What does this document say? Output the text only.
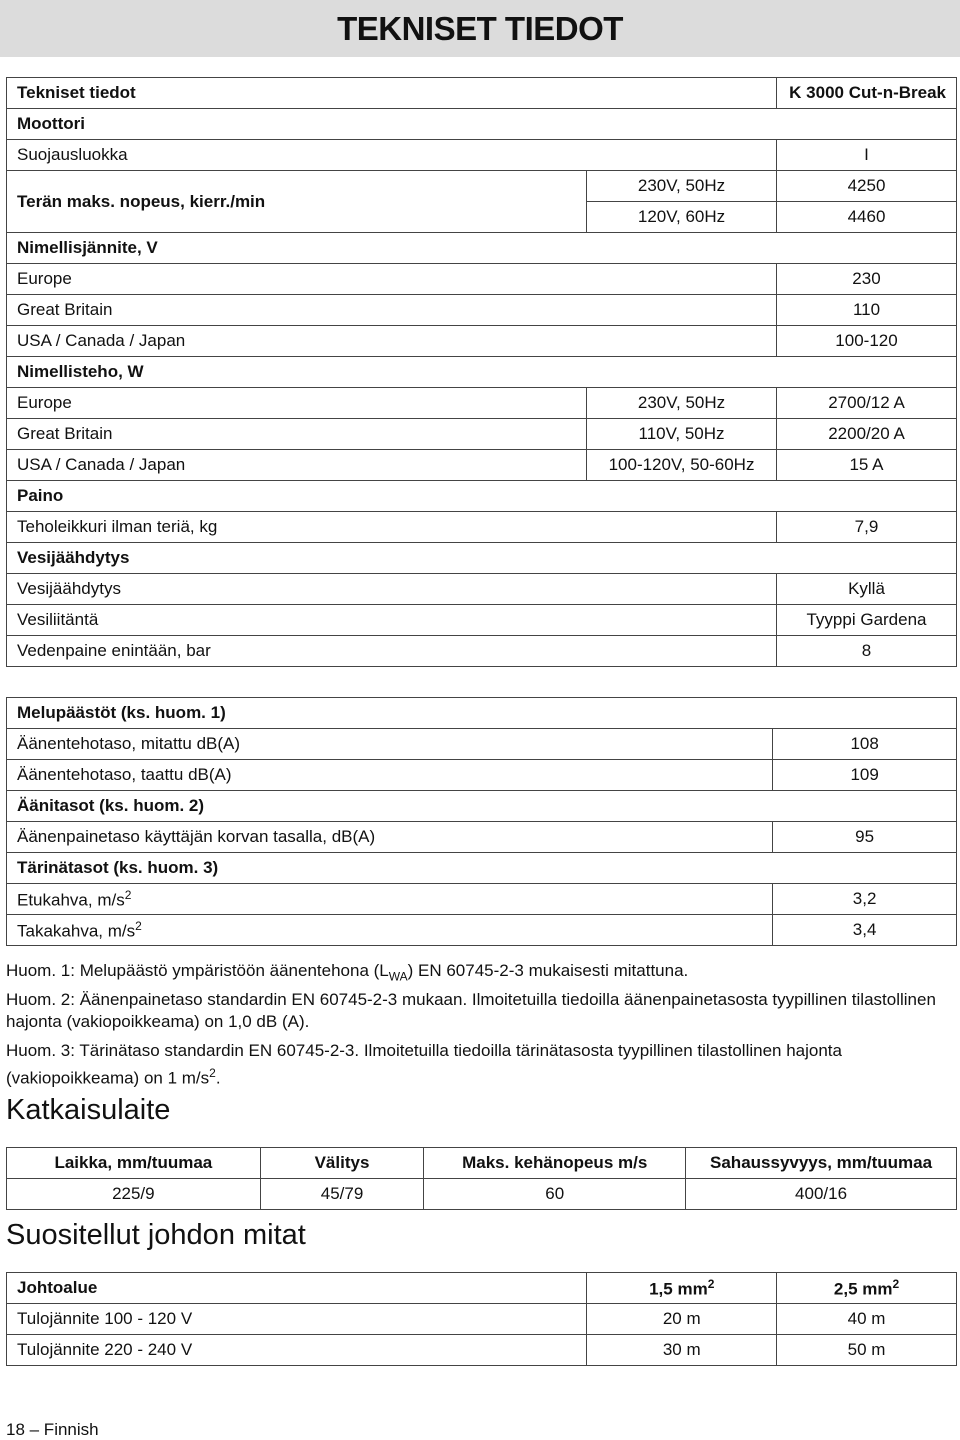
TEKNISET TIEDOT
Tekniset tiedot		K 3000 Cut-n-Break
Moottori		
Suojausluokka		I
Terän maks. nopeus, kierr./min	230V, 50Hz	4250
	120V, 60Hz	4460
Nimellisjännite, V		
Europe		230
Great Britain		110
USA / Canada / Japan		100-120
Nimellisteho, W		
Europe	230V, 50Hz	2700/12 A
Great Britain	110V, 50Hz	2200/20 A
USA / Canada / Japan	100-120V, 50-60Hz	15 A
Paino		
Teholeikkuri ilman teriä, kg		7,9
Vesijäähdytys		
Vesijäähdytys		Kyllä
Vesiliitäntä		Tyyppi Gardena
Vedenpaine enintään, bar		8
Melupäästöt (ks. huom. 1)	
Äänentehotaso, mitattu dB(A)	108
Äänentehotaso, taattu dB(A)	109
Äänitasot (ks. huom. 2)	
Äänenpainetaso käyttäjän korvan tasalla, dB(A)	95
Tärinätasot (ks. huom. 3)	
Etukahva, $m/s^2$	3,2
Takakahva, $m/s^2$	3,4
Huom. 1: Melupäästö ympäristöön äänentehona $(L_{WA})$ EN 60745-2-3 mukaisesti mitattuna.
Huom. 2: Äänenpainetaso standardin EN 60745-2-3 mukaan. Ilmoitetuilla tiedoilla äänenpainetasosta tyypillinen tilastollinen hajonta (vakiopoikkeama) on 1,0 dB (A).
Huom. 3: Tärinätaso standardin EN 60745-2-3. Ilmoitetuilla tiedoilla tärinätasosta tyypillinen tilastollinen hajonta (vakiopoikkeama) on 1 $m/s^2$.
Katkaisulaite
Laikka, mm/tuumaa	Välitys	Maks. kehänopeus m/s	Sahaussyvyys, mm/tuumaa
225/9	45/79	60	400/16
Suositellut johdon mitat
Johtoalue	1,5 $mm^2$	2,5 $mm^2$
Tulojännite 100 - 120 V	20 m	40 m
Tulojännite 220 - 240 V	30 m	50 m
18 – Finnish
